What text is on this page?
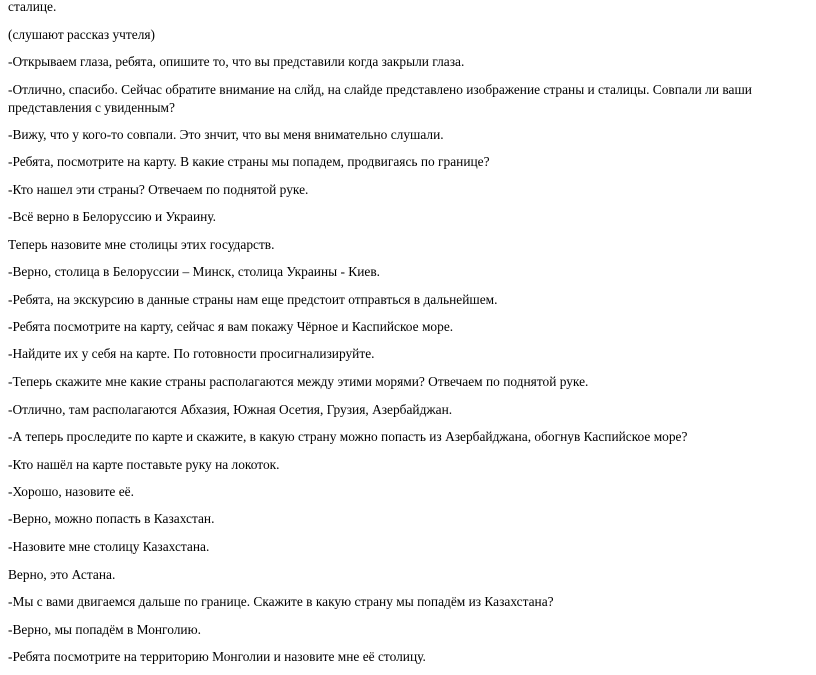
сталице.

(слушают рассказ учтеля)

-Открываем глаза, ребята, опишите то, что вы представили когда закрыли глаза.

-Отлично, спасибо. Сейчас обратите внимание на слйд, на слайде представлено изображение страны и сталицы. Совпали ли ваши представления с увиденным?

-Вижу, что у кого-то совпали. Это знчит, что вы меня внимательно слушали.

-Ребята, посмотрите на карту. В какие страны мы попадем, продвигаясь по границе?

-Кто нашел эти страны? Отвечаем по поднятой руке.

-Всё верно в Белоруссию и Украину.

Теперь назовите мне столицы этих государств.

-Верно, столица в Белоруссии – Минск, столица Украины - Киев.

-Ребята, на экскурсию в данные страны нам еще предстоит отправться в дальнейшем.

-Ребята посмотрите на карту, сейчас я вам покажу Чёрное и Каспийское море.

-Найдите их у себя на карте. По готовности просигнализируйте.

-Теперь скажите мне какие страны располагаются между этими морями? Отвечаем по поднятой руке.

-Отлично, там располагаются Абхазия, Южная Осетия, Грузия, Азербайджан.

-А теперь проследите по карте и скажите, в какую страну можно попасть из Азербайджана, обогнув Каспийское море?

-Кто нашёл на карте поставьте руку на локоток.

-Хорошо, назовите её.

-Верно, можно попасть в Казахстан.

-Назовите мне столицу Казахстана.

Верно, это Астана.

-Мы с вами двигаемся дальше по границе. Скажите в какую страну мы попадём из Казахстана?

-Верно, мы попадём в Монголию.

-Ребята посмотрите на территорию Монголии и назовите мне её столицу.
